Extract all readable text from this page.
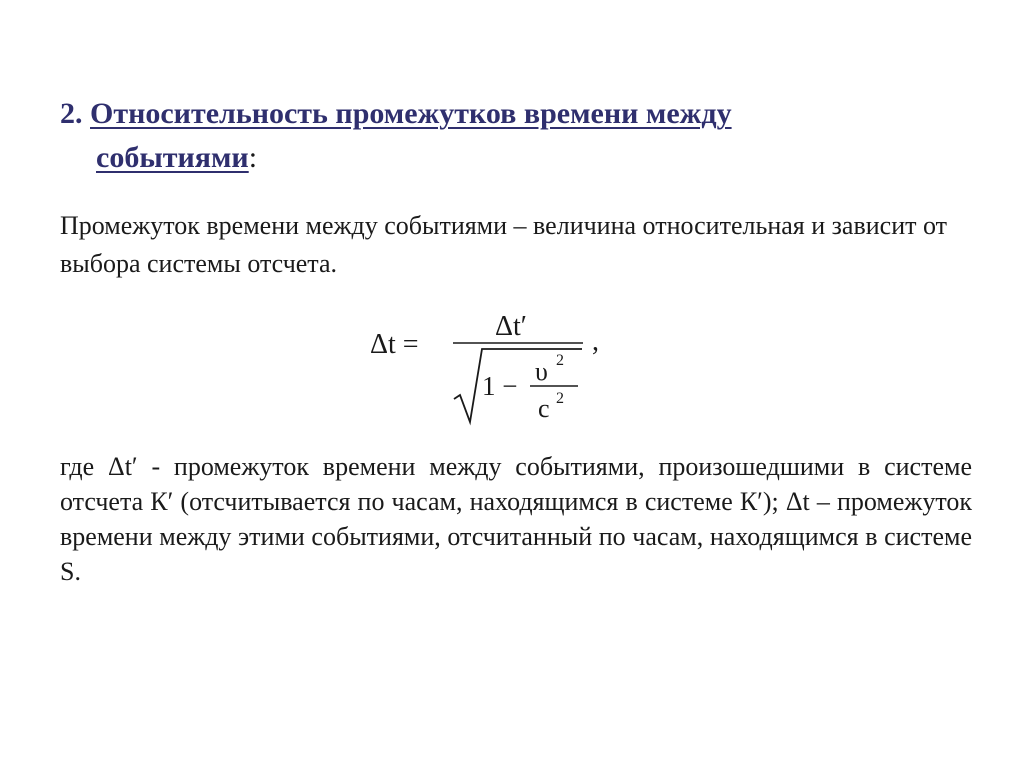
2. Относительность промежутков времени между
событиями:
Промежуток времени между событиями – величина относительная и зависит от выбора системы отсчета.
Δt =
Δt′
1 − υ 2
c 2
,
где Δt′ - промежуток времени между событиями, произошедшими в системе отсчета К′ (отсчитывается по часам, находящимся в системе К′); Δt – промежуток времени между этими событиями, отсчитанный по часам, находящимся в системе S.
